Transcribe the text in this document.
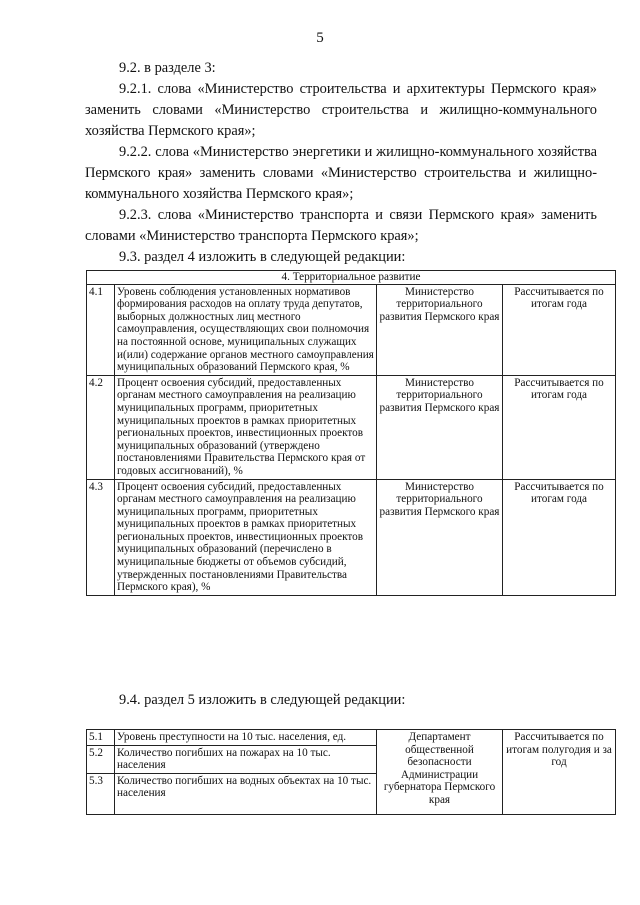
5

9.2. в разделе 3:

9.2.1. слова «Министерство строительства и архитектуры Пермского края» заменить словами «Министерство строительства и жилищно-коммунального хозяйства Пермского края»;

9.2.2. слова «Министерство энергетики и жилищно-коммунального хозяйства Пермского края» заменить словами «Министерство строительства и жилищно-коммунального хозяйства Пермского края»;

9.2.3. слова «Министерство транспорта и связи Пермского края» заменить словами «Министерство транспорта Пермского края»;

9.3. раздел 4 изложить в следующей редакции:

4. Территориальное развитие			
4.1	Уровень соблюдения установленных нормативов формирования расходов на оплату труда депутатов, выборных должностных лиц местного самоуправления, осуществляющих свои полномочия на постоянной основе, муниципальных служащих и(или) содержание органов местного самоуправления муниципальных образований Пермского края, %	Министерство территориального развития Пермского края	Рассчитывается по итогам года
4.2	Процент освоения субсидий, предоставленных органам местного самоуправления на реализацию муниципальных программ, приоритетных муниципальных проектов в рамках приоритетных региональных проектов, инвестиционных проектов муниципальных образований (утверждено постановлениями Правительства Пермского края от годовых ассигнований), %	Министерство территориального развития Пермского края	Рассчитывается по итогам года
4.3	Процент освоения субсидий, предоставленных органам местного самоуправления на реализацию муниципальных программ, приоритетных муниципальных проектов в рамках приоритетных региональных проектов, инвестиционных проектов муниципальных образований (перечислено в муниципальные бюджеты от объемов субсидий, утвержденных постановлениями Правительства Пермского края), %	Министерство территориального развития Пермского края	Рассчитывается по итогам года

9.4. раздел 5 изложить в следующей редакции:

5.1	Уровень преступности на 10 тыс. населения, ед.	Департамент общественной безопасности Администрации губернатора Пермского края	Рассчитывается по итогам полугодия и за год
5.2	Количество погибших на пожарах на 10 тыс. населения		
5.3	Количество погибших на водных объектах на 10 тыс. населения		
